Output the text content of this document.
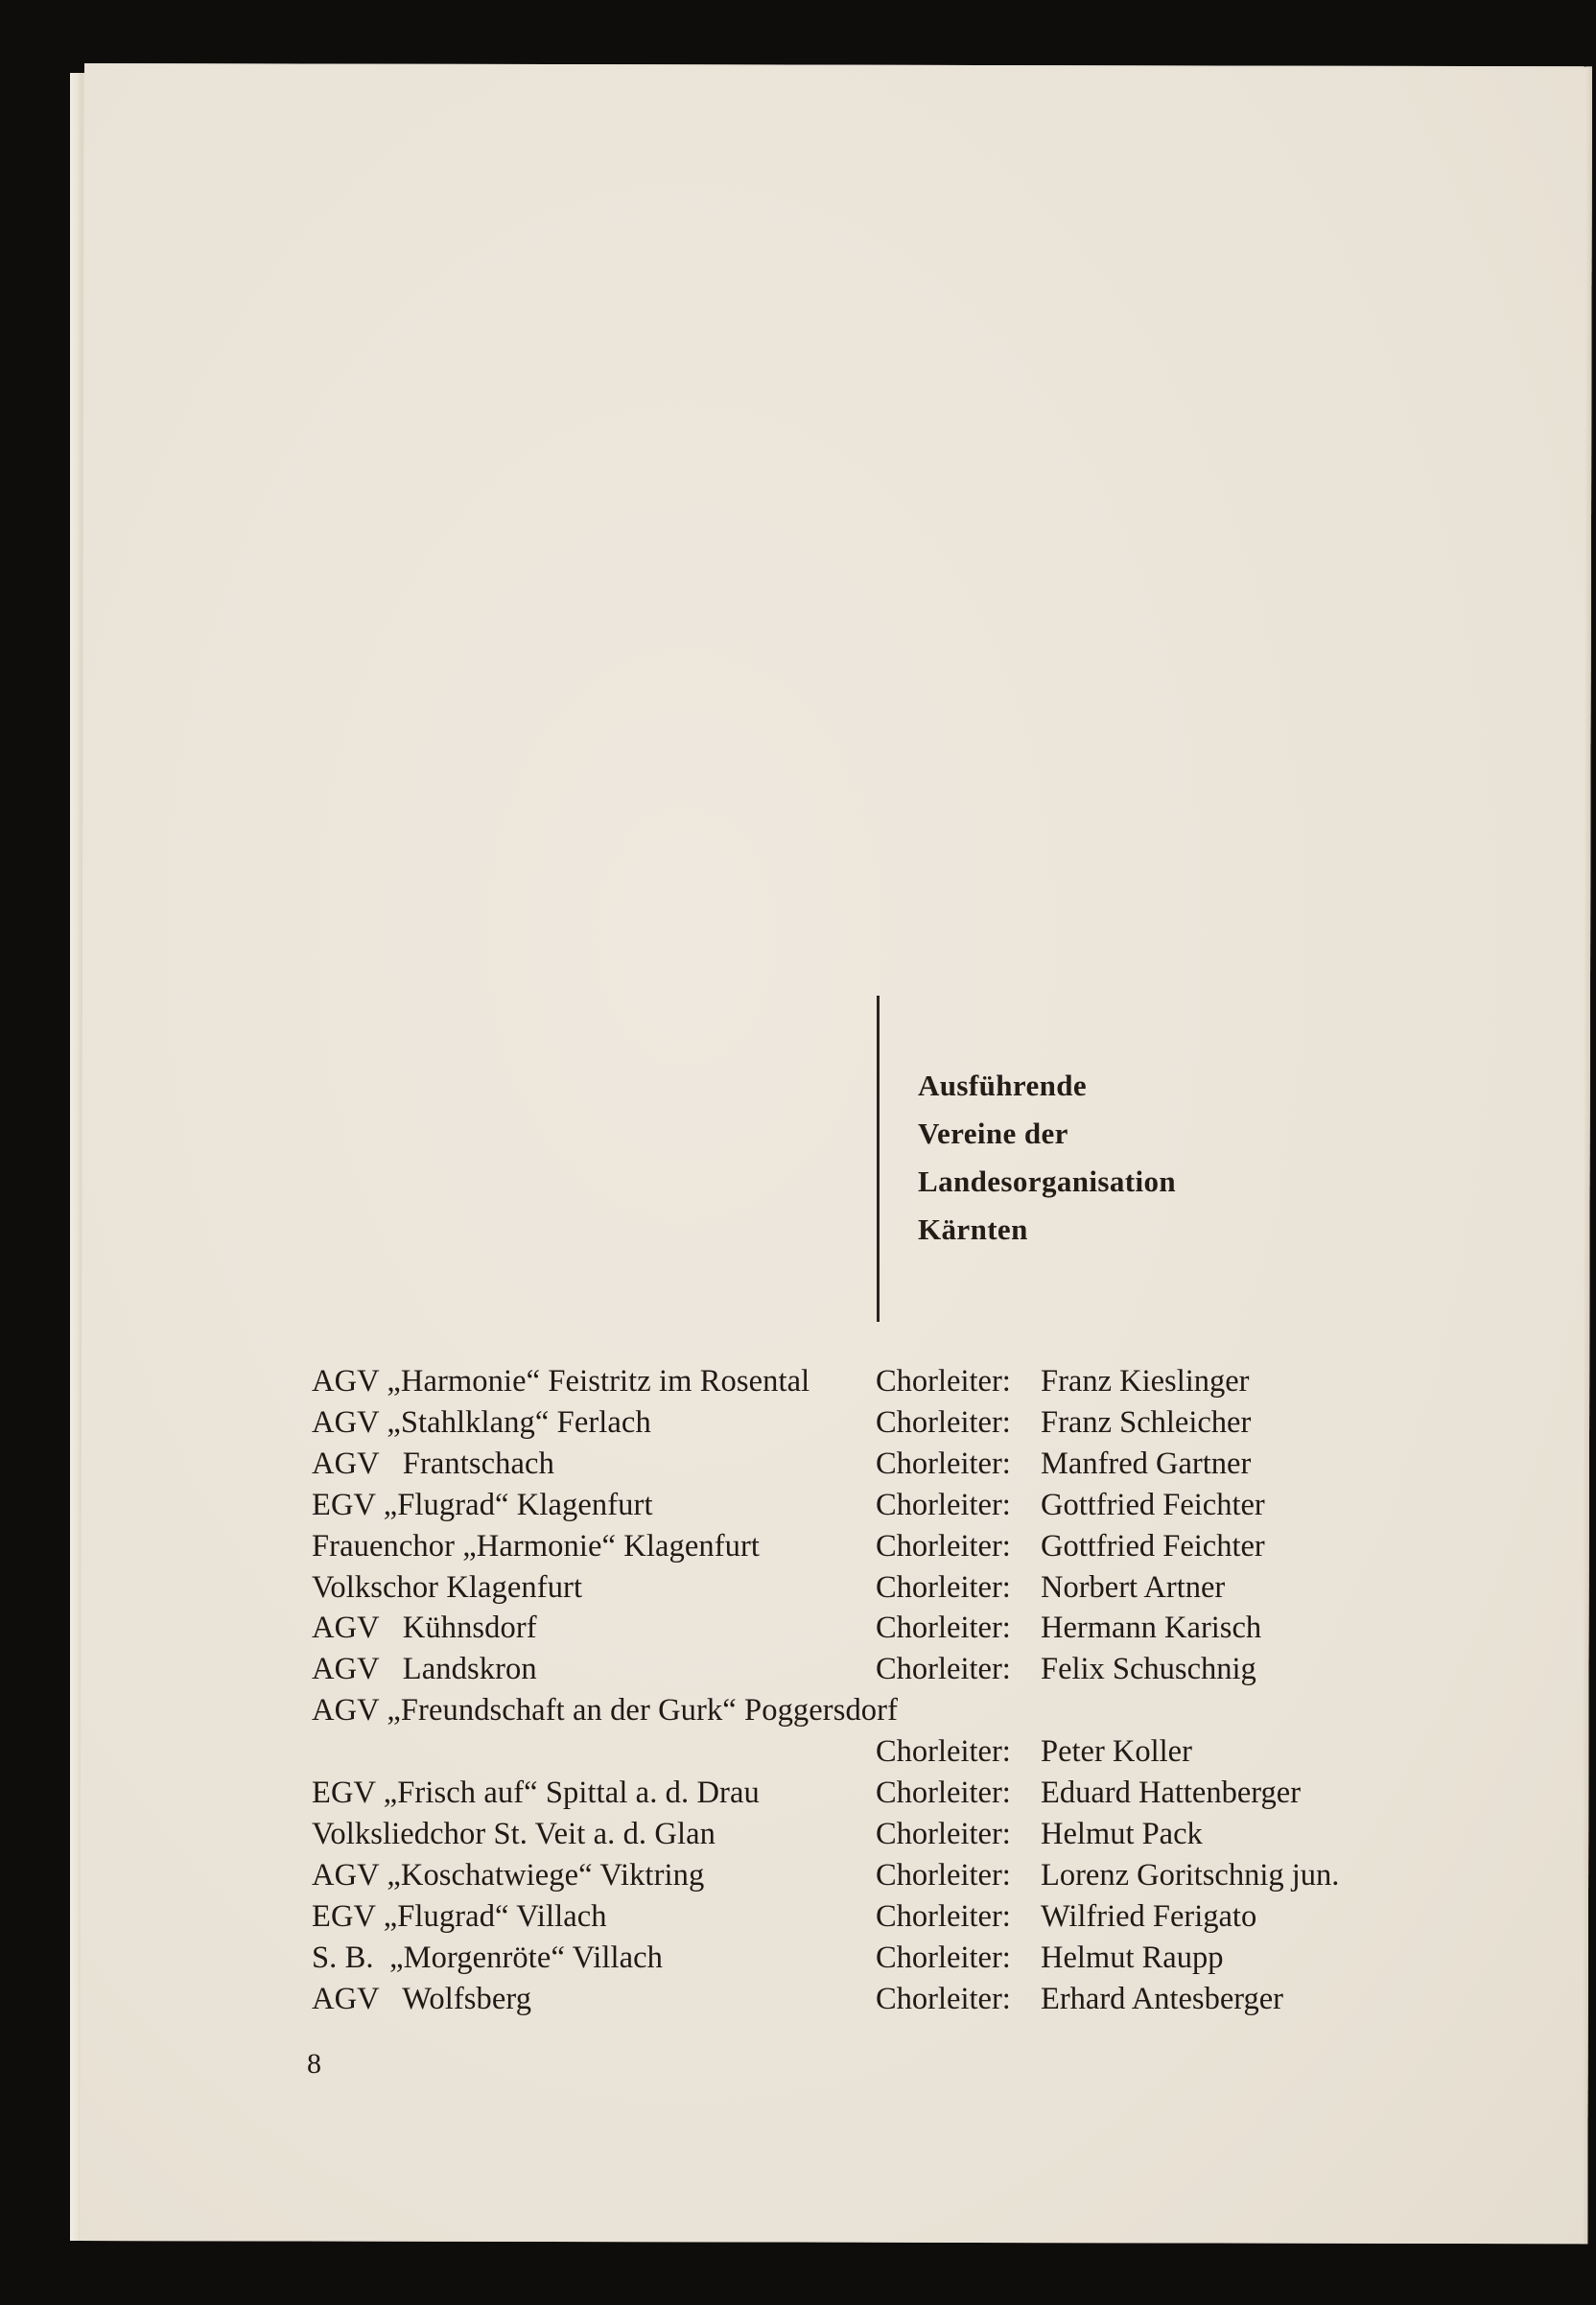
Ausführende
Vereine der
Landesorganisation
Kärnten
AGV „Harmonie“ Feistritz im Rosental Chorleiter: Franz Kieslinger
AGV „Stahlklang“ Ferlach	Chorleiter: Franz Schleicher
AGV   Frantschach	Chorleiter: Manfred Gartner
EGV „Flugrad“ Klagenfurt	Chorleiter: Gottfried Feichter
Frauenchor „Harmonie“ Klagenfurt	Chorleiter: Gottfried Feichter
Volkschor Klagenfurt	Chorleiter: Norbert Artner
AGV   Kühnsdorf	Chorleiter: Hermann Karisch
AGV   Landskron	Chorleiter: Felix Schuschnig
AGV „Freundschaft an der Gurk“ Poggersdorf
Chorleiter: Peter Koller
EGV „Frisch auf“ Spittal a. d. Drau	Chorleiter: Eduard Hattenberger
Volksliedchor St. Veit a. d. Glan	Chorleiter: Helmut Pack
AGV „Koschatwiege“ Viktring	Chorleiter: Lorenz Goritschnig jun.
EGV „Flugrad“ Villach	Chorleiter: Wilfried Ferigato
S. B.  „Morgenröte“ Villach	Chorleiter: Helmut Raupp
AGV   Wolfsberg	Chorleiter: Erhard Antesberger
8
